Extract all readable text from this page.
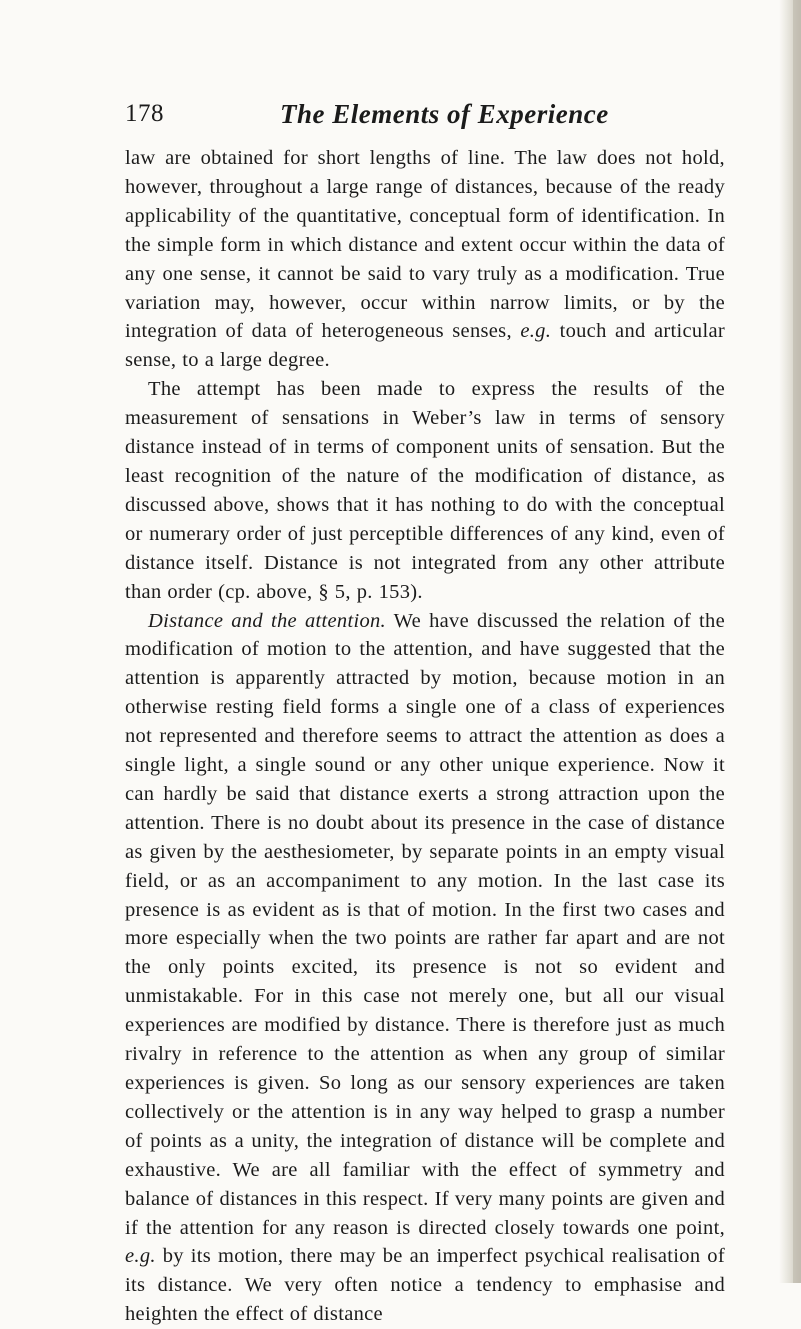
178	The Elements of Experience

law are obtained for short lengths of line. The law does not hold, however, throughout a large range of distances, because of the ready applicability of the quantitative, conceptual form of identification. In the simple form in which distance and extent occur within the data of any one sense, it cannot be said to vary truly as a modification. True variation may, however, occur within narrow limits, or by the integration of data of heterogeneous senses, e.g. touch and articular sense, to a large degree.

The attempt has been made to express the results of the measurement of sensations in Weber’s law in terms of sensory distance instead of in terms of component units of sensation. But the least recognition of the nature of the modification of distance, as discussed above, shows that it has nothing to do with the conceptual or numerary order of just perceptible differences of any kind, even of distance itself. Distance is not integrated from any other attribute than order (cp. above, § 5, p. 153).

Distance and the attention. We have discussed the relation of the modification of motion to the attention, and have suggested that the attention is apparently attracted by motion, because motion in an otherwise resting field forms a single one of a class of experiences not represented and therefore seems to attract the attention as does a single light, a single sound or any other unique experience. Now it can hardly be said that distance exerts a strong attraction upon the attention. There is no doubt about its presence in the case of distance as given by the aesthesiometer, by separate points in an empty visual field, or as an accompaniment to any motion. In the last case its presence is as evident as is that of motion. In the first two cases and more especially when the two points are rather far apart and are not the only points excited, its presence is not so evident and unmistakable. For in this case not merely one, but all our visual experiences are modified by distance. There is therefore just as much rivalry in reference to the attention as when any group of similar experiences is given. So long as our sensory experiences are taken collectively or the attention is in any way helped to grasp a number of points as a unity, the integration of distance will be complete and exhaustive. We are all familiar with the effect of symmetry and balance of distances in this respect. If very many points are given and if the attention for any reason is directed closely towards one point, e.g. by its motion, there may be an imperfect psychical realisation of its distance. We very often notice a tendency to emphasise and heighten the effect of distance
